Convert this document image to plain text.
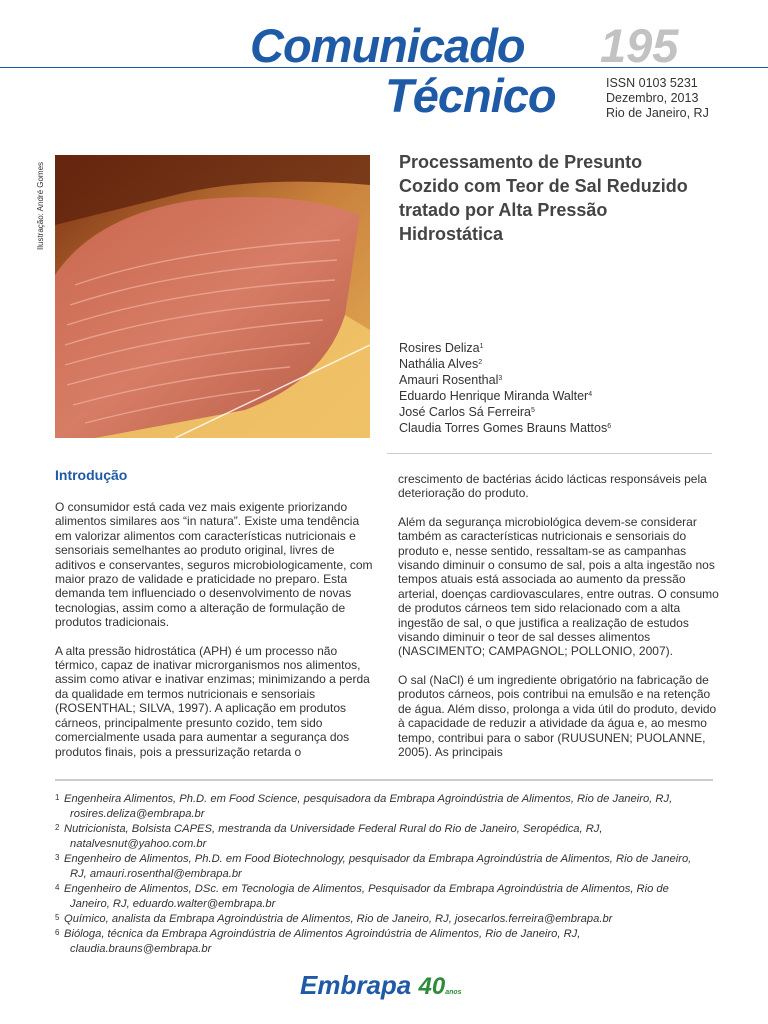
Comunicado 195
Técnico	ISSN 0103 5231
Dezembro, 2013
Rio de Janeiro, RJ
Ilustração: André Gomes	Processamento de Presunto Cozido com Teor de Sal Reduzido tratado por Alta Pressão Hidrostática
Rosires Deliza$^1$
Nathália Alves$^2$
Amauri Rosenthal$^3$
Eduardo Henrique Miranda Walter$^4$
José Carlos Sá Ferreira$^5$
Claudia Torres Gomes Brauns Mattos$^6$
Introdução

O consumidor está cada vez mais exigente priorizando alimentos similares aos “in natura”. Existe uma tendência em valorizar alimentos com características nutricionais e sensoriais semelhantes ao produto original, livres de aditivos e conservantes, seguros microbiologicamente, com maior prazo de validade e praticidade no preparo. Esta demanda tem influenciado o desenvolvimento de novas tecnologias, assim como a alteração de formulação de produtos tradicionais.

A alta pressão hidrostática (APH) é um processo não térmico, capaz de inativar microrganismos nos alimentos, assim como ativar e inativar enzimas; minimizando a perda da qualidade em termos nutricionais e sensoriais (ROSENTHAL; SILVA, 1997). A aplicação em produtos cárneos, principalmente presunto cozido, tem sido comercialmente usada para aumentar a segurança dos produtos finais, pois a pressurização retarda o

crescimento de bactérias ácido lácticas responsáveis pela deterioração do produto.

Além da segurança microbiológica devem-se considerar também as características nutricionais e sensoriais do produto e, nesse sentido, ressaltam-se as campanhas visando diminuir o consumo de sal, pois a alta ingestão nos tempos atuais está associada ao aumento da pressão arterial, doenças cardiovasculares, entre outras. O consumo de produtos cárneos tem sido relacionado com a alta ingestão de sal, o que justifica a realização de estudos visando diminuir o teor de sal desses alimentos (NASCIMENTO; CAMPAGNOL; POLLONIO, 2007).

O sal (NaCl) é um ingrediente obrigatório na fabricação de produtos cárneos, pois contribui na emulsão e na retenção de água. Além disso, prolonga a vida útil do produto, devido à capacidade de reduzir a atividade da água e, ao mesmo tempo, contribui para o sabor (RUUSUNEN; PUOLANNE, 2005). As principais

1 Engenheira Alimentos, Ph.D. em Food Science, pesquisadora da Embrapa Agroindústria de Alimentos, Rio de Janeiro, RJ,
rosires.deliza@embrapa.br
2 Nutricionista, Bolsista CAPES, mestranda da Universidade Federal Rural do Rio de Janeiro, Seropédica, RJ,
natalvesnut@yahoo.com.br
3 Engenheiro de Alimentos, Ph.D. em Food Biotechnology, pesquisador da Embrapa Agroindústria de Alimentos, Rio de Janeiro,
RJ, amauri.rosenthal@embrapa.br
4 Engenheiro de Alimentos, DSc. em Tecnologia de Alimentos, Pesquisador da Embrapa Agroindústria de Alimentos, Rio de
Janeiro, RJ, eduardo.walter@embrapa.br
5 Químico, analista da Embrapa Agroindústria de Alimentos, Rio de Janeiro, RJ, josecarlos.ferreira@embrapa.br
6 Bióloga, técnica da Embrapa Agroindústria de Alimentos Agroindústria de Alimentos, Rio de Janeiro, RJ,
claudia.brauns@embrapa.br
Embrapa 40anos
